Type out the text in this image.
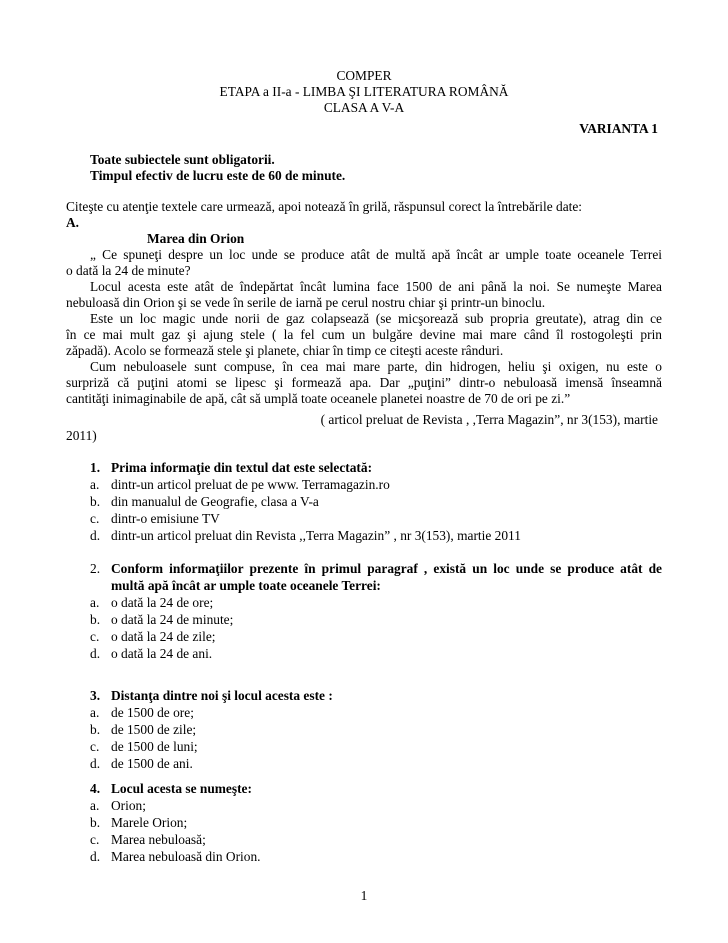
COMPER
ETAPA a II-a - LIMBA ŞI LITERATURA ROMÂNĂ
CLASA A V-A
VARIANTA 1
Toate subiectele sunt obligatorii.
Timpul efectiv de lucru este de 60 de minute.
Citeşte cu atenţie textele care urmează, apoi notează în grilă, răspunsul corect la întrebările date:
A.
Marea din Orion
„ Ce spuneţi despre un loc unde se produce atât de multă apă încât ar umple toate oceanele Terrei
o dată la 24 de minute?
Locul acesta este atât de îndepărtat încât lumina face 1500 de ani până la noi. Se numeşte Marea
nebuloasă din Orion şi se vede în serile de iarnă pe cerul nostru chiar şi printr-un binoclu.
Este un loc magic unde norii de gaz colapsează (se micşorează sub propria greutate), atrag din ce
în ce mai mult gaz şi ajung stele ( la fel cum un bulgăre devine mai mare când îl rostogoleşti prin
zăpadă). Acolo se formează stele şi planete, chiar în timp ce citeşti aceste rânduri.
Cum nebuloasele sunt compuse, în cea mai mare parte, din hidrogen, heliu şi oxigen, nu este o
surpriză că puţini atomi se lipesc şi formează apa. Dar „puţini” dintr-o nebuloasă imensă înseamnă
cantităţi inimaginabile de apă, cât să umplă toate oceanele planetei noastre de 70 de ori pe zi.”
( articol preluat de Revista , ,Terra Magazin”, nr 3(153), martie
2011)
1. Prima informaţie din textul dat este selectată:
a. dintr-un articol preluat de pe www. Terramagazin.ro
b. din manualul de Geografie, clasa a V-a
c. dintr-o emisiune TV
d. dintr-un articol preluat din Revista ,,Terra Magazin” , nr 3(153), martie 2011
2. Conform informaţiilor prezente în primul paragraf , există un loc unde se produce atât de
multă apă încât ar umple toate oceanele Terrei:
a. o dată la 24 de ore;
b. o dată la 24 de minute;
c. o dată la 24 de zile;
d. o dată la 24 de ani.
3. Distanţa dintre noi şi locul acesta este :
a. de 1500 de ore;
b. de 1500 de zile;
c. de 1500 de luni;
d. de 1500 de ani.
4. Locul acesta se numeşte:
a. Orion;
b. Marele Orion;
c. Marea nebuloasă;
d. Marea nebuloasă din Orion.
1
